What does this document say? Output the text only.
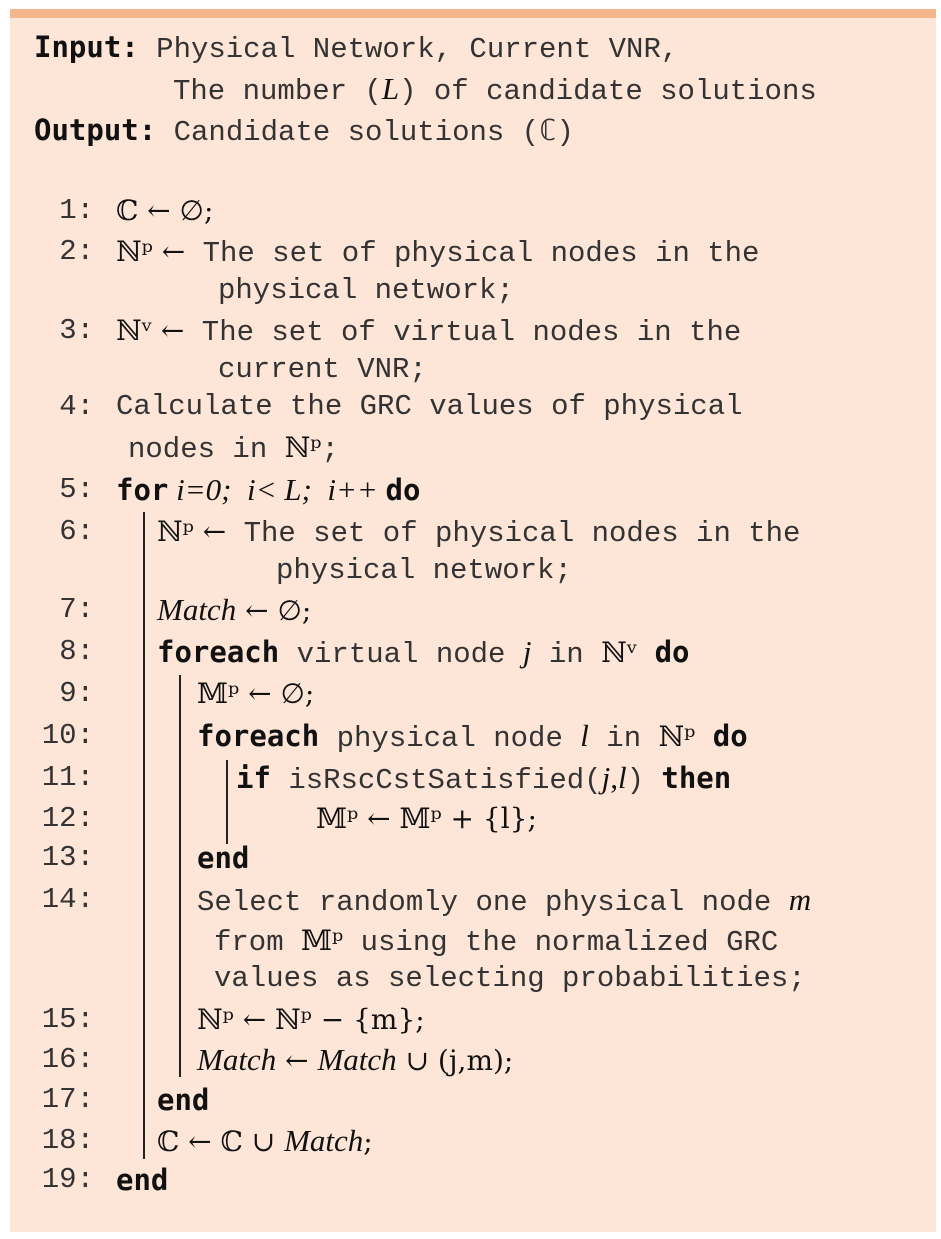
Input: Physical Network, Current VNR,
The number (L) of candidate solutions
Output: Candidate solutions (ℂ)
1:
2:
3:
4:
5:
6:
7:
8:
9:
10:
11:
12:
13:
14:
15:
16:
17:
18:
19:
ℂ ← ∅;
ℕᵖ ← The set of physical nodes in the
physical network;
ℕᵛ ← The set of virtual nodes in the
current VNR;
Calculate the GRC values of physical
nodes in ℕᵖ;
for i=0;  i< L;  i++ do
ℕᵖ ← The set of physical nodes in the
physical network;
Match ← ∅;
foreach virtual node j in ℕᵛ do
𝕄ᵖ ← ∅;
foreach physical node l in ℕᵖ do
if isRscCstSatisfied(j,l) then
𝕄ᵖ ← 𝕄ᵖ + {l};
end
Select randomly one physical node m
from 𝕄ᵖ using the normalized GRC
values as selecting probabilities;
ℕᵖ ← ℕᵖ − {m};
Match ← Match ∪ (j,m);
end
ℂ ← ℂ ∪ Match;
end
